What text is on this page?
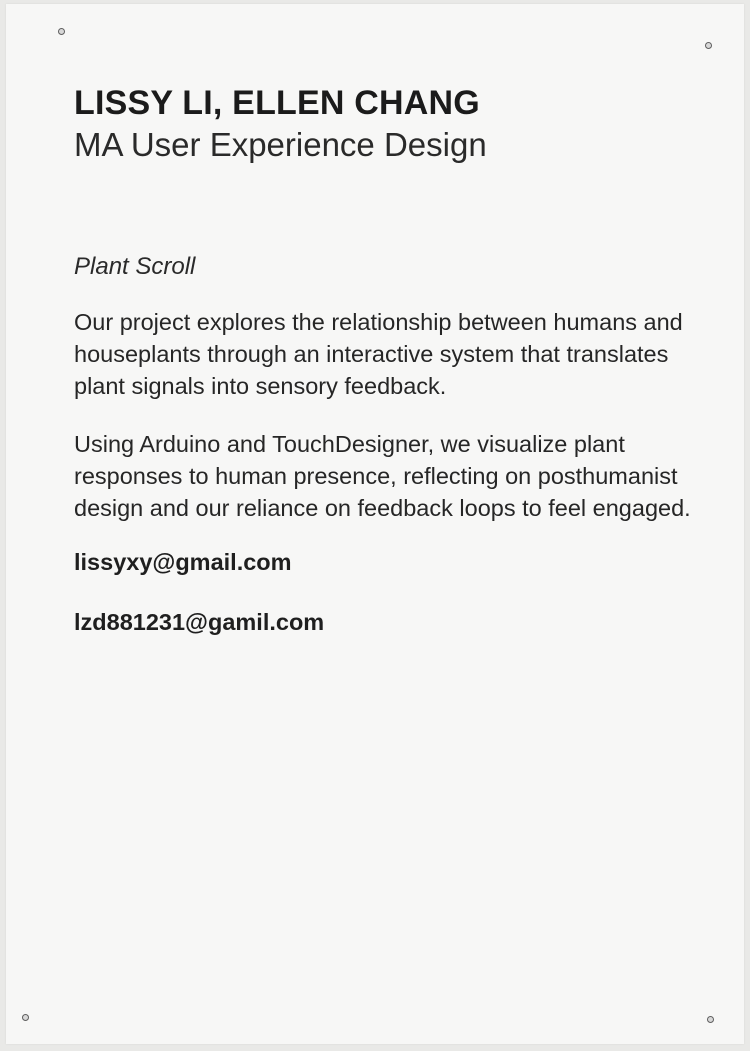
LISSY LI, ELLEN CHANG

MA User Experience Design

Plant Scroll

Our project explores the relationship between humans and houseplants through an interactive system that translates plant signals into sensory feedback.

Using Arduino and TouchDesigner, we visualize plant responses to human presence, reflecting on posthumanist design and our reliance on feedback loops to feel engaged.

lissyxy@gmail.com

lzd881231@gamil.com
